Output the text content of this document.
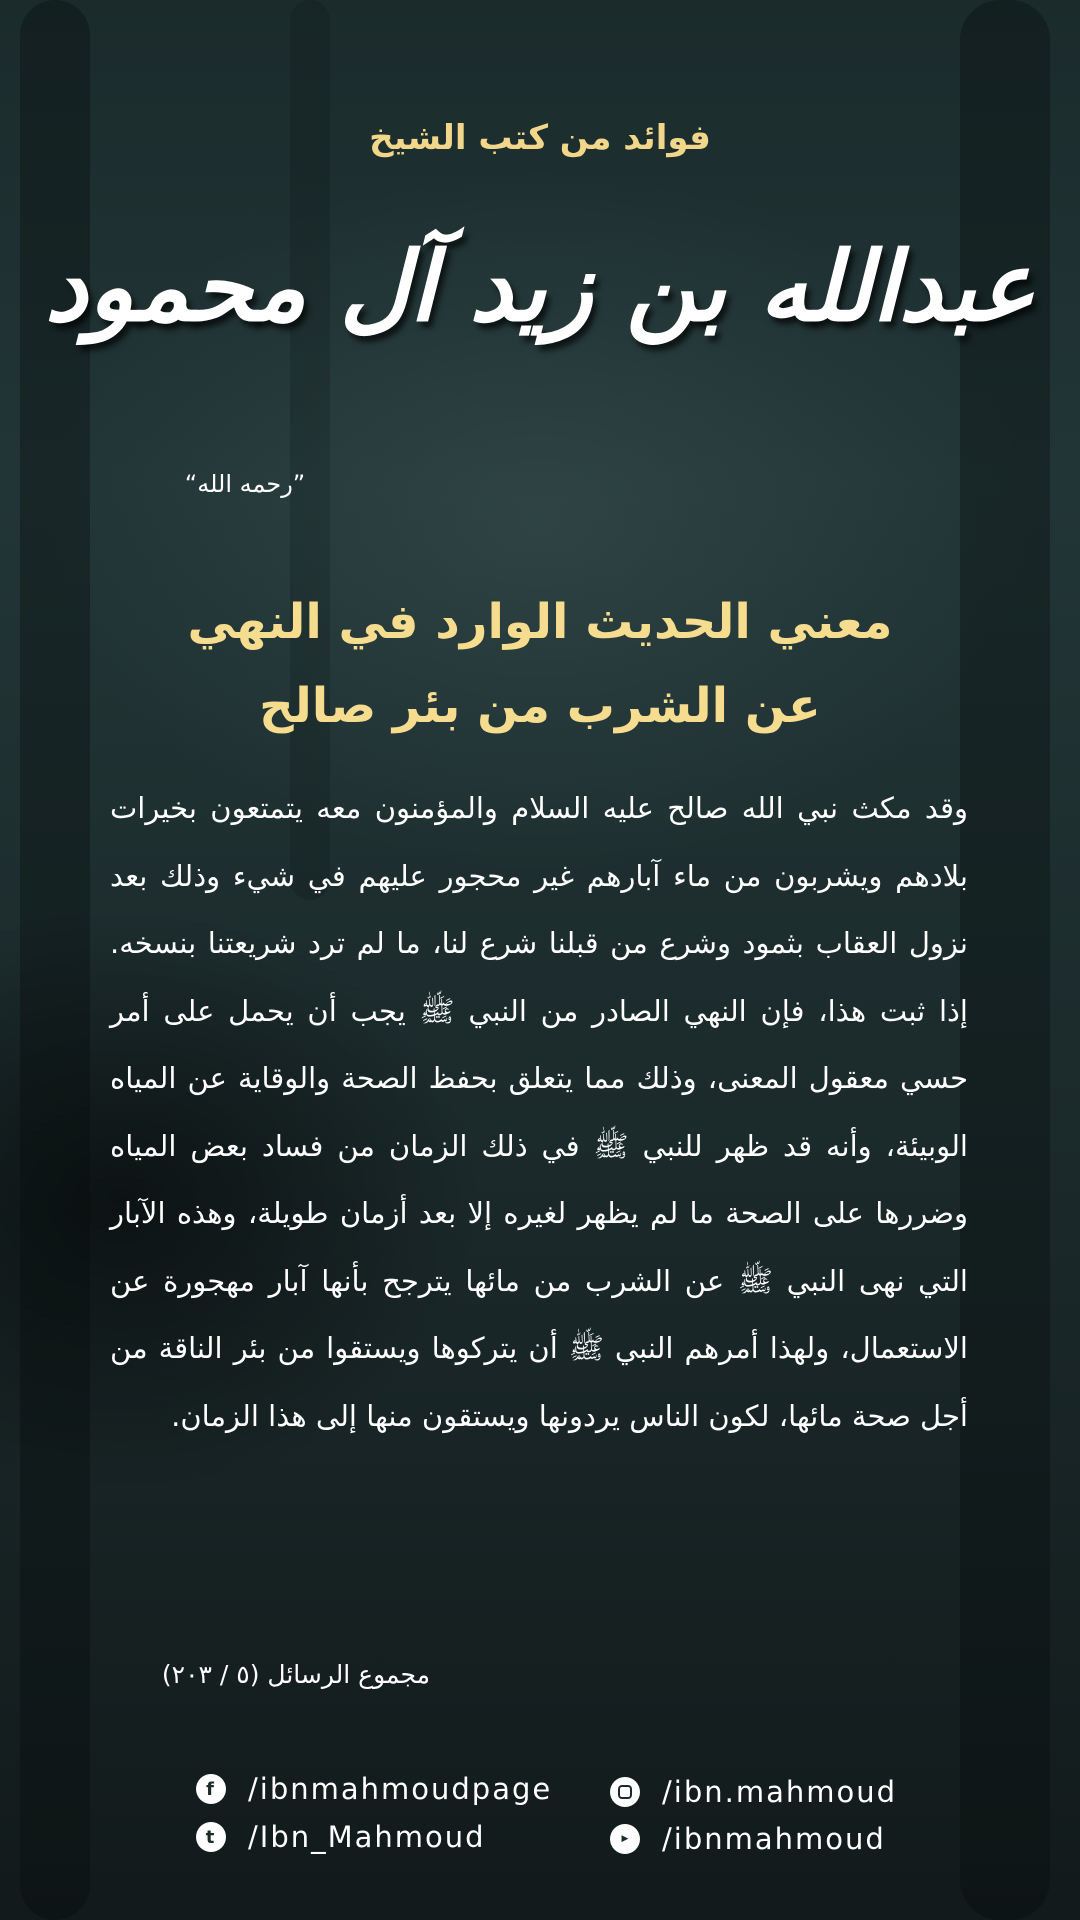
فوائد من كتب الشيخ
عبدالله بن زيد آل محمود
”رحمه الله“
معني الحديث الوارد في النهي
عن الشرب من بئر صالح
وقد مكث نبي الله صالح عليه السلام والمؤمنون معه يتمتعون بخيرات بلادهم ويشربون من ماء آبارهم غير محجور عليهم في شيء وذلك بعد نزول العقاب بثمود وشرع من قبلنا شرع لنا، ما لم ترد شريعتنا بنسخه. إذا ثبت هذا، فإن النهي الصادر من النبي ﷺ يجب أن يحمل على أمر حسي معقول المعنى، وذلك مما يتعلق بحفظ الصحة والوقاية عن المياه الوبيئة، وأنه قد ظهر للنبي ﷺ في ذلك الزمان من فساد بعض المياه وضررها على الصحة ما لم يظهر لغيره إلا بعد أزمان طويلة، وهذه الآبار التي نهى النبي ﷺ عن الشرب من مائها يترجح بأنها آبار مهجورة عن الاستعمال، ولهذا أمرهم النبي ﷺ أن يتركوها ويستقوا من بئر الناقة من أجل صحة مائها، لكون الناس يردونها ويستقون منها إلى هذا الزمان.
مجموع الرسائل (٥ / ٢٠٣)
f	/ibnmahmoudpage
t	/Ibn_Mahmoud
/ibn.mahmoud
▶	/ibnmahmoud
